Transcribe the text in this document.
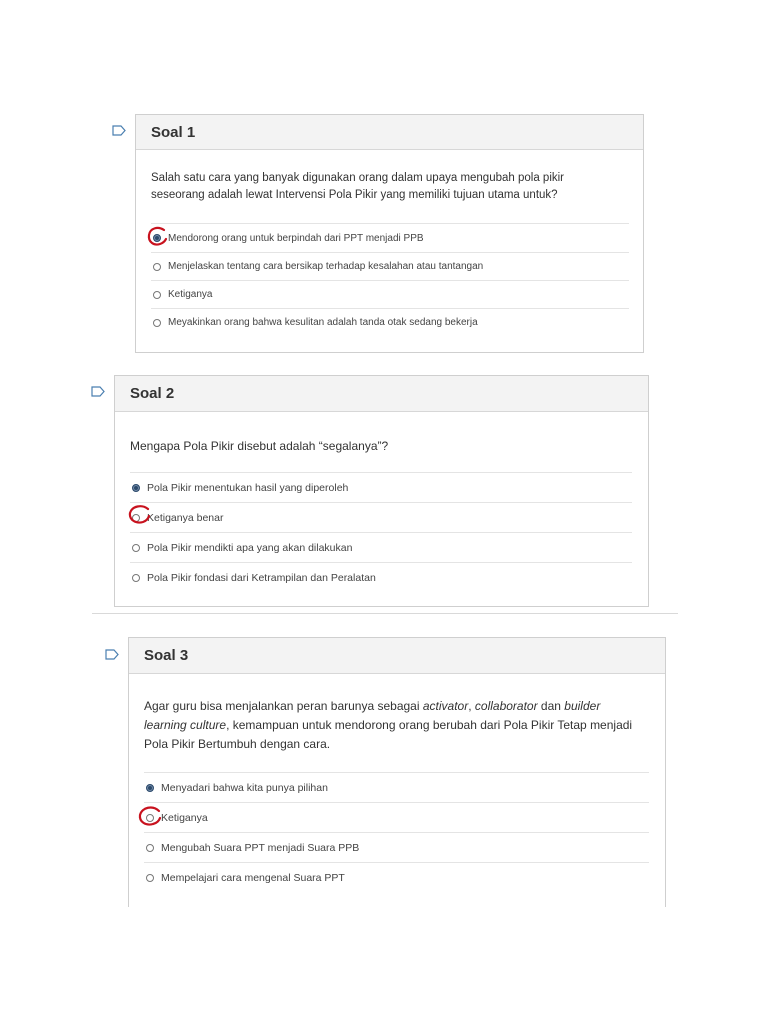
Soal 1
Salah satu cara yang banyak digunakan orang dalam upaya mengubah pola pikir seseorang adalah lewat Intervensi Pola Pikir yang memiliki tujuan utama untuk?
Mendorong orang untuk berpindah dari PPT menjadi PPB
Menjelaskan tentang cara bersikap terhadap kesalahan atau tantangan
Ketiganya
Meyakinkan orang bahwa kesulitan adalah tanda otak sedang bekerja
Soal 2
Mengapa Pola Pikir disebut adalah “segalanya”?
Pola Pikir menentukan hasil yang diperoleh
Ketiganya benar
Pola Pikir mendikti apa yang akan dilakukan
Pola Pikir fondasi dari Ketrampilan dan Peralatan
Soal 3
Agar guru bisa menjalankan peran barunya sebagai activator, collaborator dan builder learning culture, kemampuan untuk mendorong orang berubah dari Pola Pikir Tetap menjadi Pola Pikir Bertumbuh dengan cara.
Menyadari bahwa kita punya pilihan
Ketiganya
Mengubah Suara PPT menjadi Suara PPB
Mempelajari cara mengenal Suara PPT
